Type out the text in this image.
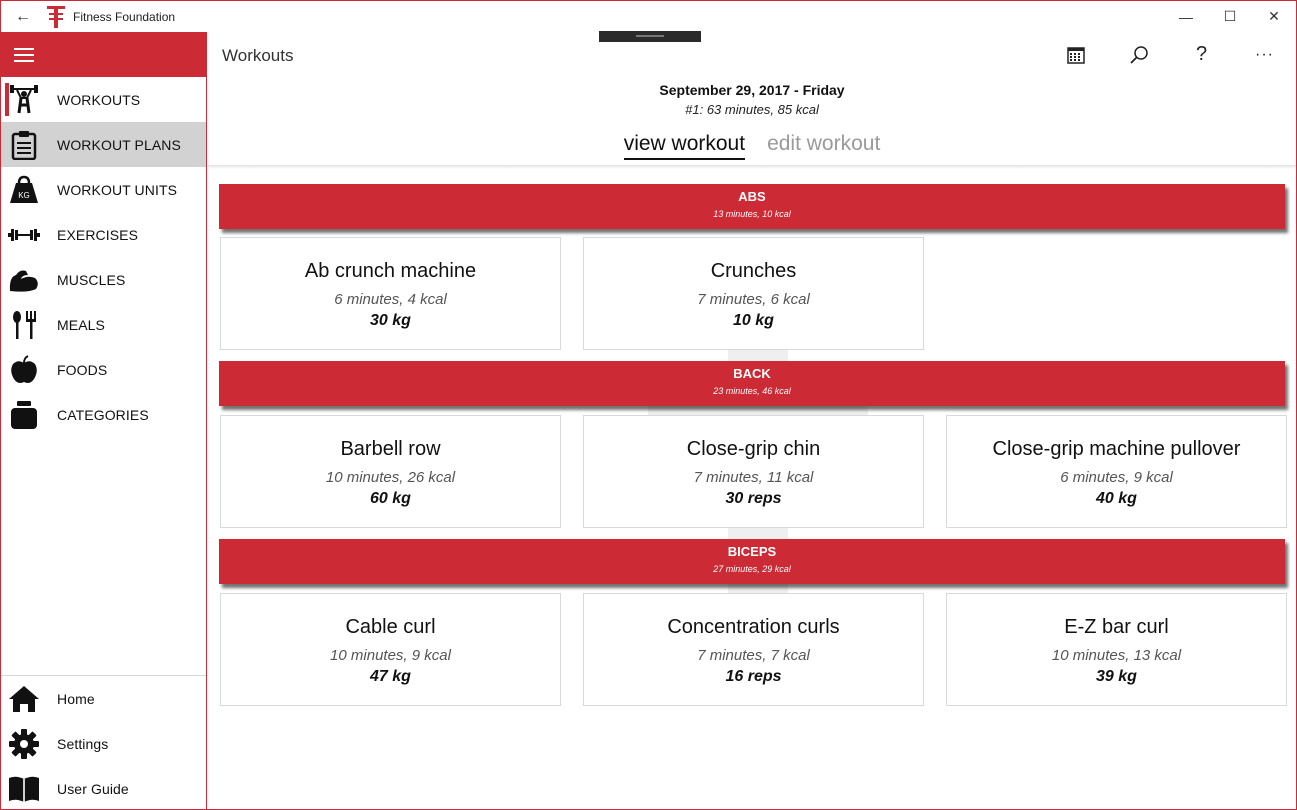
←	Fitness Foundation	— ☐ ✕
WORKOUTS
WORKOUT PLANS
KG WORKOUT UNITS
EXERCISES
MUSCLES
MEALS
FOODS
CATEGORIES
Home
Settings
User Guide
Workouts	?	···
September 29, 2017 - Friday
#1: 63 minutes, 85 kcal
view workout edit workout
ABS
13 minutes, 10 kcal
Ab crunch machine
6 minutes, 4 kcal
30 kg
Crunches
7 minutes, 6 kcal
10 kg
BACK
23 minutes, 46 kcal
Barbell row
10 minutes, 26 kcal
60 kg
Close-grip chin
7 minutes, 11 kcal
30 reps
Close-grip machine pullover
6 minutes, 9 kcal
40 kg
BICEPS
27 minutes, 29 kcal
Cable curl
10 minutes, 9 kcal
47 kg
Concentration curls
7 minutes, 7 kcal
16 reps
E-Z bar curl
10 minutes, 13 kcal
39 kg
